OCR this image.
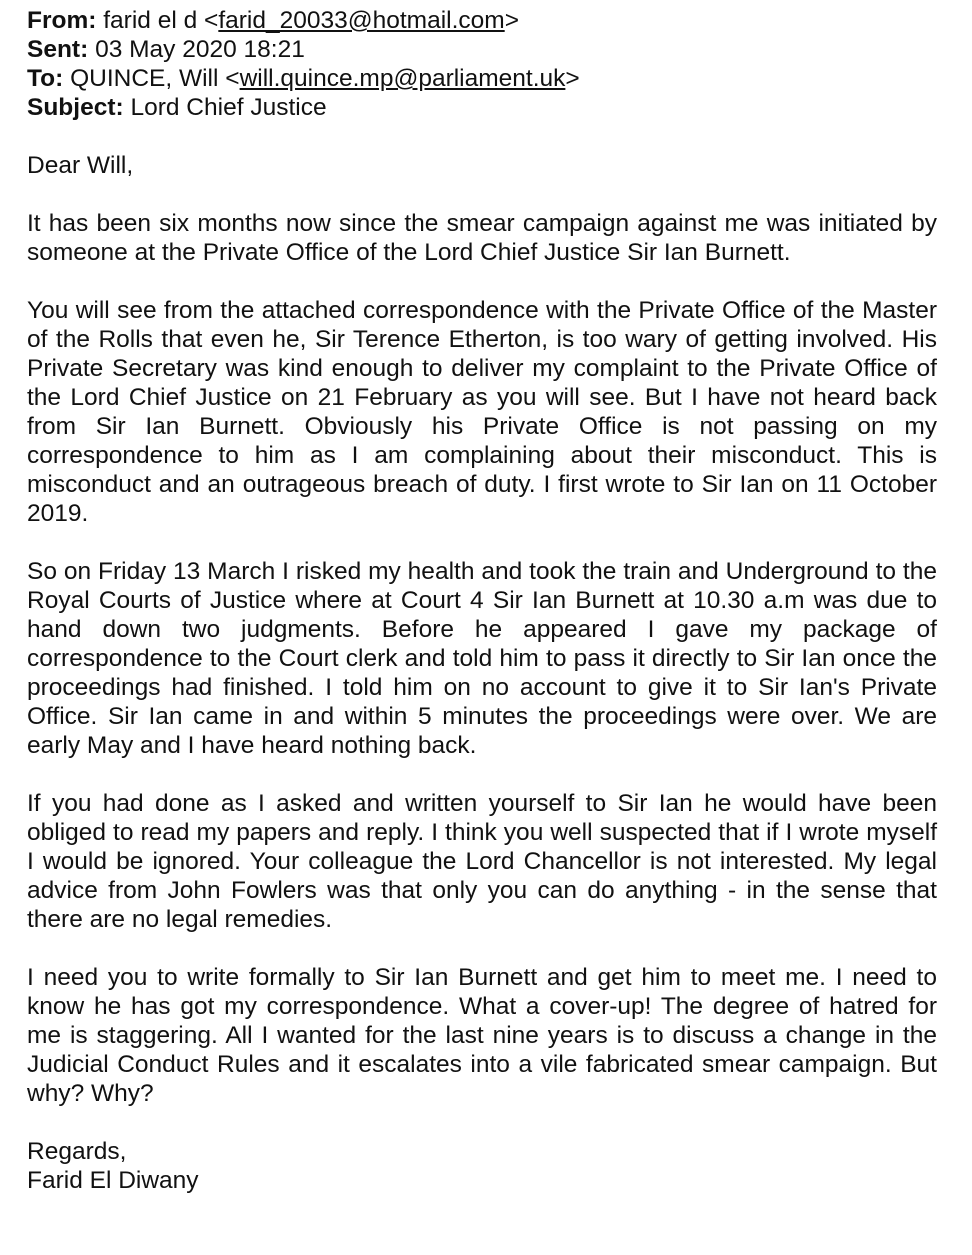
From: farid el d <farid_20033@hotmail.com>
Sent: 03 May 2020 18:21
To: QUINCE, Will <will.quince.mp@parliament.uk>
Subject: Lord Chief Justice
Dear Will,
It has been six months now since the smear campaign against me was initiated by someone at the Private Office of the Lord Chief Justice Sir Ian Burnett.
You will see from the attached correspondence with the Private Office of the Master of the Rolls that even he, Sir Terence Etherton, is too wary of getting involved. His Private Secretary was kind enough to deliver my complaint to the Private Office of the Lord Chief Justice on 21 February as you will see. But I have not heard back from Sir Ian Burnett. Obviously his Private Office is not passing on my correspondence to him as I am complaining about their misconduct. This is misconduct and an outrageous breach of duty. I first wrote to Sir Ian on 11 October 2019.
So on Friday 13 March I risked my health and took the train and Underground to the Royal Courts of Justice where at Court 4 Sir Ian Burnett at 10.30 a.m was due to hand down two judgments. Before he appeared I gave my package of correspondence to the Court clerk and told him to pass it directly to Sir Ian once the proceedings had finished. I told him on no account to give it to Sir Ian's Private Office. Sir Ian came in and within 5 minutes the proceedings were over. We are early May and I have heard nothing back.
If you had done as I asked and written yourself to Sir Ian he would have been obliged to read my papers and reply. I think you well suspected that if I wrote myself I would be ignored. Your colleague the Lord Chancellor is not interested. My legal advice from John Fowlers was that only you can do anything - in the sense that there are no legal remedies.
I need you to write formally to Sir Ian Burnett and get him to meet me. I need to know he has got my correspondence. What a cover-up! The degree of hatred for me is staggering. All I wanted for the last nine years is to discuss a change in the Judicial Conduct Rules and it escalates into a vile fabricated smear campaign. But why? Why?
Regards,
Farid El Diwany
